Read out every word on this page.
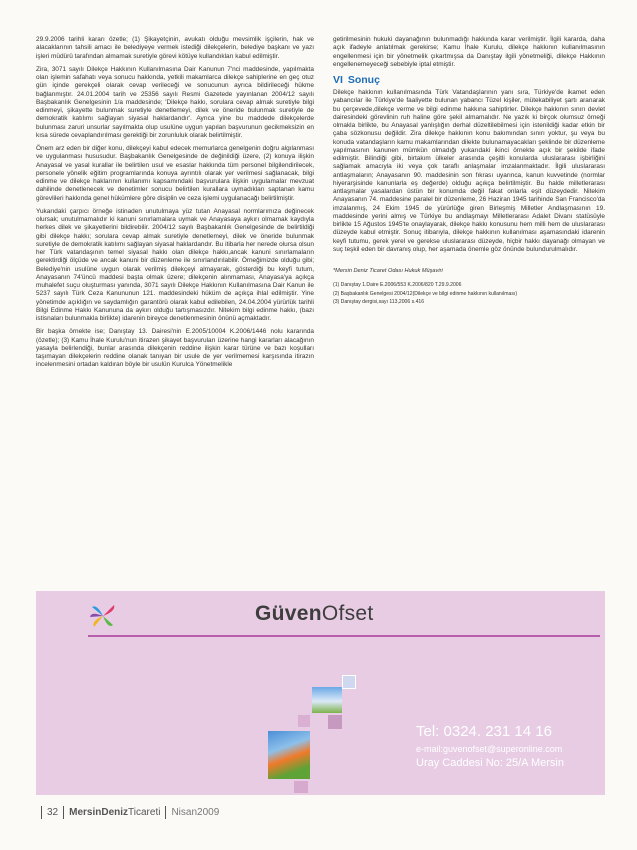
29.9.2006 tarihli kararı özetle; (1) Şikayetçinin, avukatı olduğu mevsimlik işçilerin, hak ve alacaklarının tahsili amacı ile belediyeye vermek istediği dilekçelerin, belediye başkanı ve yazı işleri müdürü tarafından almamak suretiyle görevi kötüye kullandıkları kabul edilmiştir.

Zira, 3071 sayılı Dilekçe Hakkının Kullanılmasına Dair Kanunun 7'nci maddesinde, yapılmakta olan işlemin safahatı veya sonucu hakkında, yetkili makamlarca dilekçe sahiplerine en geç otuz gün içinde gerekçeli olarak cevap verileceği ve sonucunun ayrıca bildirileceği hükme bağlanmıştır. 24.01.2004 tarih ve 25356 sayılı Resmi Gazetede yayınlanan 2004/12 sayılı Başbakanlık Genelgesinin 1/a maddesinde; 'Dilekçe hakkı, sorulara cevap almak suretiyle bilgi edinmeyi, şikayette bulunmak suretiyle denetlemeyi, dilek ve öneride bulunmak suretiyle de demokratik katılımı sağlayan siyasal haklardandır'. Ayrıca yine bu maddede dilekçelerde bulunması zaruri unsurlar sayılmakta olup usulüne uygun yapılan başvurunun gecikmeksizin en kısa sürede cevaplandırılması gerektiği bir zorunluluk olarak belirtilmiştir.

Önem arz eden bir diğer konu, dilekçeyi kabul edecek memurlarca genelgenin doğru algılanması ve uygulanması hususudur. Başbakanlık Genelgesinde de değinildiği üzere, (2) konuya ilişkin Anayasal ve yasal kurallar ile belirtilen usul ve esaslar hakkında tüm personel bilgilendirilecek, personele yönelik eğitim programlarında konuya ayrıntılı olarak yer verilmesi sağlanacak, bilgi edinme ve dilekçe haklarının kullanımı kapsamındaki başvurulara ilişkin uygulamalar mevzuat dahilinde denetlenecek ve denetimler sonucu belirtilen kurallara uymadıkları saptanan kamu görevlileri hakkında genel hükümlere göre disiplin ve ceza işlemi uygulanacağı belirtilmiştir.

Yukarıdaki çarpıcı örneğe istinaden unutulmaya yüz tutan Anayasal normlarımıza değinecek olursak; unutulmamalıdır ki kanuni sınırlamalara uymak ve Anayasaya aykırı olmamak kaydıyla herkes dilek ve şikayetlerini bildirebilir. 2004/12 sayılı Başbakanlık Genelgesinde de belirtildiği gibi dilekçe hakkı; sorulara cevap almak suretiyle denetlemeyi, dilek ve öneride bulunmak suretiyle de demokratik katılımı sağlayan siyasal haklardandır. Bu itibarla her nerede olursa olsun her Türk vatandaşının temel siyasal hakkı olan dilekçe hakkı,ancak kanuni sınırlamaların gerektirdiği ölçüde ve ancak kanuni bir düzenleme ile sınırlandırılabilir. Örneğimizde olduğu gibi; Belediye'nin usulüne uygun olarak verilmiş dilekçeyi almayarak, gösterdiği bu keyfi tutum, Anayasanın 74'üncü maddesi başta olmak üzere; dilekçenin alınmaması, Anayasa'ya açıkça muhalefet suçu oluşturması yanında, 3071 sayılı Dilekçe Hakkının Kullanılmasına Dair Kanun ile 5237 sayılı Türk Ceza Kanununun 121. maddesindeki hüküm de açıkça ihlal edilmiştir. Yine yönetimde açıklığın ve saydamlığın garantörü olarak kabul edilebilen, 24.04.2004 yürürlük tarihli Bilgi Edinme Hakkı Kanununa da aykırı olduğu tartışmasızdır. Nitekim bilgi edinme hakkı, (bazı istisnaları bulunmakla birlikte) idarenin bireyce denetlenmesinin önünü açmaktadır.

Bir başka örnekte ise; Danıştay 13. Dairesi'nin E.2005/10004 K.2006/1446 nolu kararında (özetle); (3) Kamu İhale Kurulu'nun itirazen şikayet başvuruları üzerine hangi kararları alacağının yasayla belirlendiği, bunlar arasında dilekçenin reddine ilişkin karar türüne ve bazı koşulları taşımayan dilekçelerin reddine olanak tanıyan bir usule de yer verilmemesi karşısında itirazın incelenmesini ortadan kaldıran böyle bir usulün Kurulca Yönetmelikle

getirilmesinin hukuki dayanağının bulunmadığı hakkında karar verilmiştir. İlgili kararda, daha açık ifadeyle anlatılmak gerekirse; Kamu İhale Kurulu, dilekçe hakkının kullanılmasının engellenmesi için bir yönetmelik çıkartmışsa da Danıştay ilgili yönetmeliği, dilekçe Hakkının engellenemeyeceği sebebiyle iptal etmiştir.

VI Sonuç

Dilekçe hakkının kullanılmasında Türk Vatandaşlarının yanı sıra, Türkiye'de ikamet eden yabancılar ile Türkiye'de faaliyette bulunan yabancı Tüzel kişiler, mütekabiliyet şartı aranarak bu çerçevede,dilekçe verme ve bilgi edinme hakkına sahiptirler. Dilekçe hakkının sınırı devlet dairesindeki görevlinin ruh haline göre şekil almamalıdır. Ne yazık ki birçok olumsuz örneği olmakla birlikte, bu Anayasal yanlışlığın derhal düzeltilebilmesi için istenildiği kadar etkin bir çaba sözkonusu değildir. Zira dilekçe hakkının konu bakımından sınırı yoktur, şu veya bu konuda vatandaşların kamu makamlarından dilekte bulunamayacakları şeklinde bir düzenleme yapılmasının kanunen mümkün olmadığı yukarıdaki ikinci örnekte açık bir şekilde ifade edilmiştir. Bilindiği gibi, birtakım ülkeler arasında çeşitli konularda uluslararası işbirliğini sağlamak amacıyla iki veya çok taraflı anlaşmalar imzalanmaktadır. İlgili uluslararası antlaşmaların; Anayasanın 90. maddesinin son fıkrası uyarınca, kanun kuvvetinde (normlar hiyerarşisinde kanunlarla eş değerde) olduğu açıkça belirtilmiştir. Bu halde milletlerarası antlaşmalar yasalardan üstün bir konumda değil fakat onlarla eşit düzeydedir. Nitekim Anayasanın 74. maddesine paralel bir düzenleme, 26 Haziran 1945 tarihinde San Francisco'da imzalanmış, 24 Ekim 1945 de yürürlüğe giren Birleşmiş Milletler Andlaşmasının 19. maddesinde yerini almış ve Türkiye bu andlaşmayı Milletlerarası Adalet Divanı statüsüyle birlikte 15 Ağustos 1945'te onaylayarak, dilekçe hakkı konusunu hem milli hem de uluslararası düzeyde kabul etmiştir. Sonuç itibarıyla, dilekçe hakkının kullanılması aşamasındaki idarenin keyfi tutumu, gerek yerel ve gerekse uluslararası düzeyde, hiçbir hakkı dayanağı olmayan ve suç teşkil eden bir davranış olup, her aşamada önemle göz önünde bulundurulmalıdır.

*Mersin Deniz Ticaret Odası Hukuk Müşaviri
(1) Danıştay 1.Daire E.2006/553 K.2006/820 T.29.9.2006
(2) Başbakanlık Genelgesi 2004/12(Dilekçe ve bilgi edinme hakkının kullanılması)
(3) Danıştay dergisi,sayı 113,2006 s.416
GüvenOfset
Tel: 0324. 231 14 16
e-mail:guvenofset@superonline.com
Uray Caddesi No: 25/A Mersin
32 MersinDenizTicareti Nisan2009
